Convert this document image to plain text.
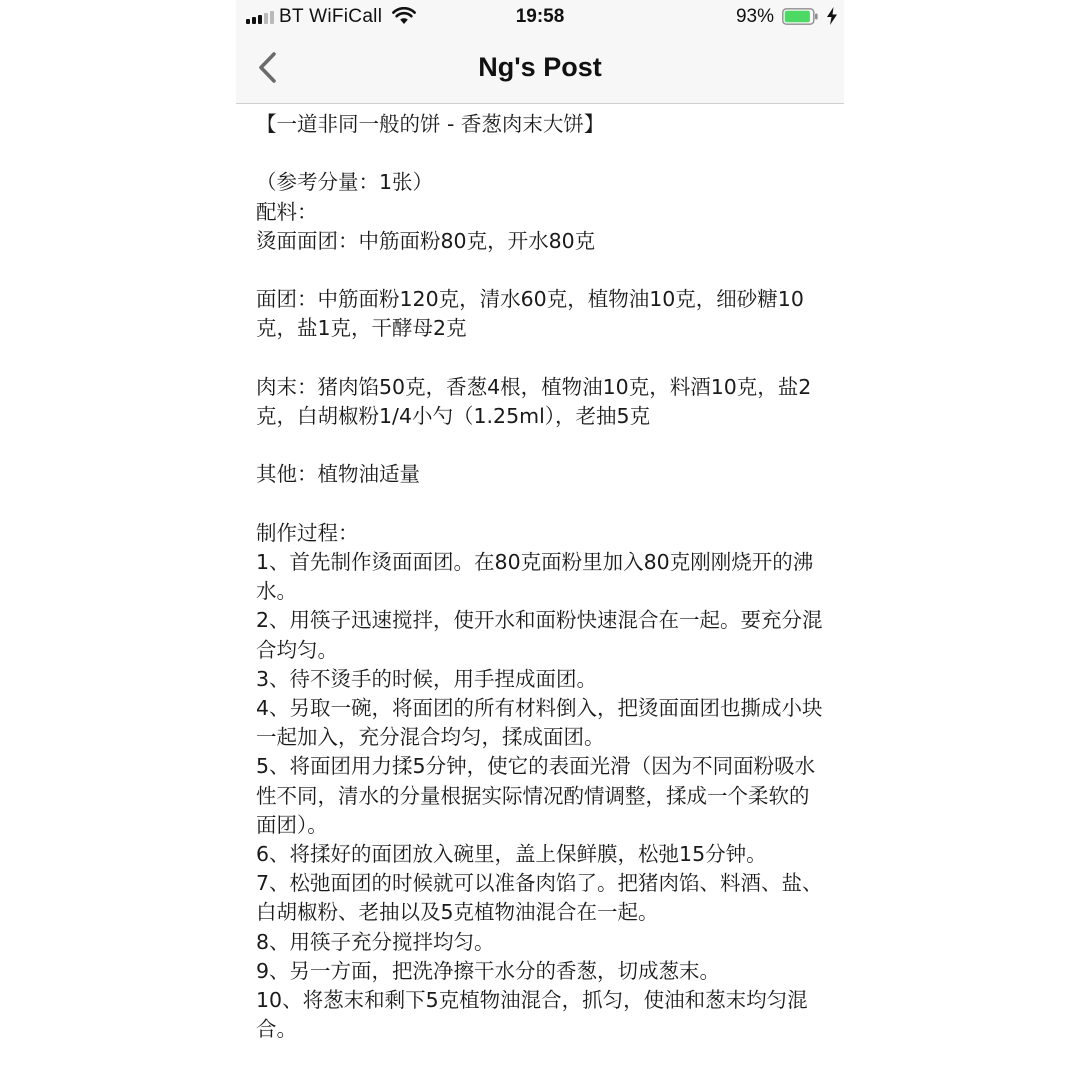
BT WiFiCall	19:58	93%
Ng's Post

【一道非同一般的饼 - 香葱肉末大饼】

（参考分量：1张）

配料：

烫面面团：中筋面粉80克，开水80克

面团：中筋面粉120克，清水60克，植物油10克，细砂糖10克，盐1克，干酵母2克

肉末：猪肉馅50克，香葱4根，植物油10克，料酒10克，盐2克，白胡椒粉1/4小勺（1.25ml），老抽5克

其他：植物油适量

制作过程：

1、首先制作烫面面团。在80克面粉里加入80克刚刚烧开的沸水。

2、用筷子迅速搅拌，使开水和面粉快速混合在一起。要充分混合均匀。

3、待不烫手的时候，用手捏成面团。

4、另取一碗，将面团的所有材料倒入，把烫面面团也撕成小块一起加入，充分混合均匀，揉成面团。

5、将面团用力揉5分钟，使它的表面光滑（因为不同面粉吸水性不同，清水的分量根据实际情况酌情调整，揉成一个柔软的面团）。

6、将揉好的面团放入碗里，盖上保鲜膜，松弛15分钟。

7、松弛面团的时候就可以准备肉馅了。把猪肉馅、料酒、盐、白胡椒粉、老抽以及5克植物油混合在一起。

8、用筷子充分搅拌均匀。

9、另一方面，把洗净擦干水分的香葱，切成葱末。

10、将葱末和剩下5克植物油混合，抓匀，使油和葱末均匀混合。
